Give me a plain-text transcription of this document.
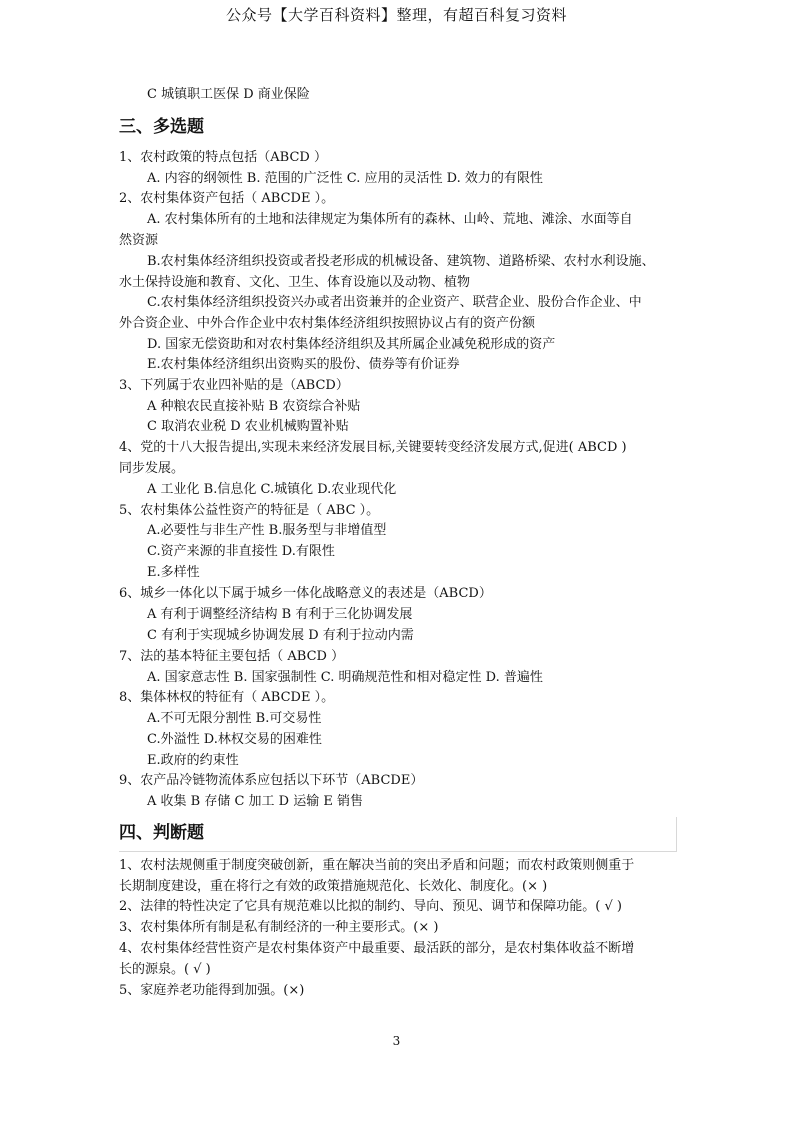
公众号【大学百科资料】整理，有超百科复习资料
C 城镇职工医保 D 商业保险
三、多选题
1、农村政策的特点包括（ABCD ）
A. 内容的纲领性 B. 范围的广泛性 C. 应用的灵活性 D. 效力的有限性
2、农村集体资产包括（ ABCDE ）。
A. 农村集体所有的土地和法律规定为集体所有的森林、山岭、荒地、滩涂、水面等自
然资源
B.农村集体经济组织投资或者投老形成的机械设备、建筑物、道路桥梁、农村水利设施、
水土保持设施和教育、文化、卫生、体育设施以及动物、植物
C.农村集体经济组织投资兴办或者出资兼并的企业资产、联营企业、股份合作企业、中
外合资企业、中外合作企业中农村集体经济组织按照协议占有的资产份额
D. 国家无偿资助和对农村集体经济组织及其所属企业减免税形成的资产
E.农村集体经济组织出资购买的股份、债券等有价证券
3、下列属于农业四补贴的是（ABCD）
A 种粮农民直接补贴 B 农资综合补贴
C 取消农业税 D 农业机械购置补贴
4、党的十八大报告提出,实现未来经济发展目标,关键要转变经济发展方式,促进( ABCD )
同步发展。
A 工业化 B.信息化 C.城镇化 D.农业现代化
5、农村集体公益性资产的特征是（ ABC ）。
A.必要性与非生产性 B.服务型与非增值型
C.资产来源的非直接性 D.有限性
E.多样性
6、城乡一体化以下属于城乡一体化战略意义的表述是（ABCD）
A 有利于调整经济结构 B 有利于三化协调发展
C 有利于实现城乡协调发展 D 有利于拉动内需
7、法的基本特征主要包括（ ABCD ）
A. 国家意志性 B. 国家强制性 C. 明确规范性和相对稳定性 D. 普遍性
8、集体林权的特征有（ ABCDE ）。
A.不可无限分割性 B.可交易性
C.外溢性 D.林权交易的困难性
E.政府的约束性
9、农产品冷链物流体系应包括以下环节（ABCDE）
A 收集 B 存储 C 加工 D 运输 E 销售
四、判断题
1、农村法规侧重于制度突破创新，重在解决当前的突出矛盾和问题；而农村政策则侧重于
长期制度建设，重在将行之有效的政策措施规范化、长效化、制度化。(× )
2、法律的特性决定了它具有规范难以比拟的制约、导向、预见、调节和保障功能。( √ )
3、农村集体所有制是私有制经济的一种主要形式。(× )
4、农村集体经营性资产是农村集体资产中最重要、最活跃的部分，是农村集体收益不断增
长的源泉。( √ )
5、家庭养老功能得到加强。(×)
3
